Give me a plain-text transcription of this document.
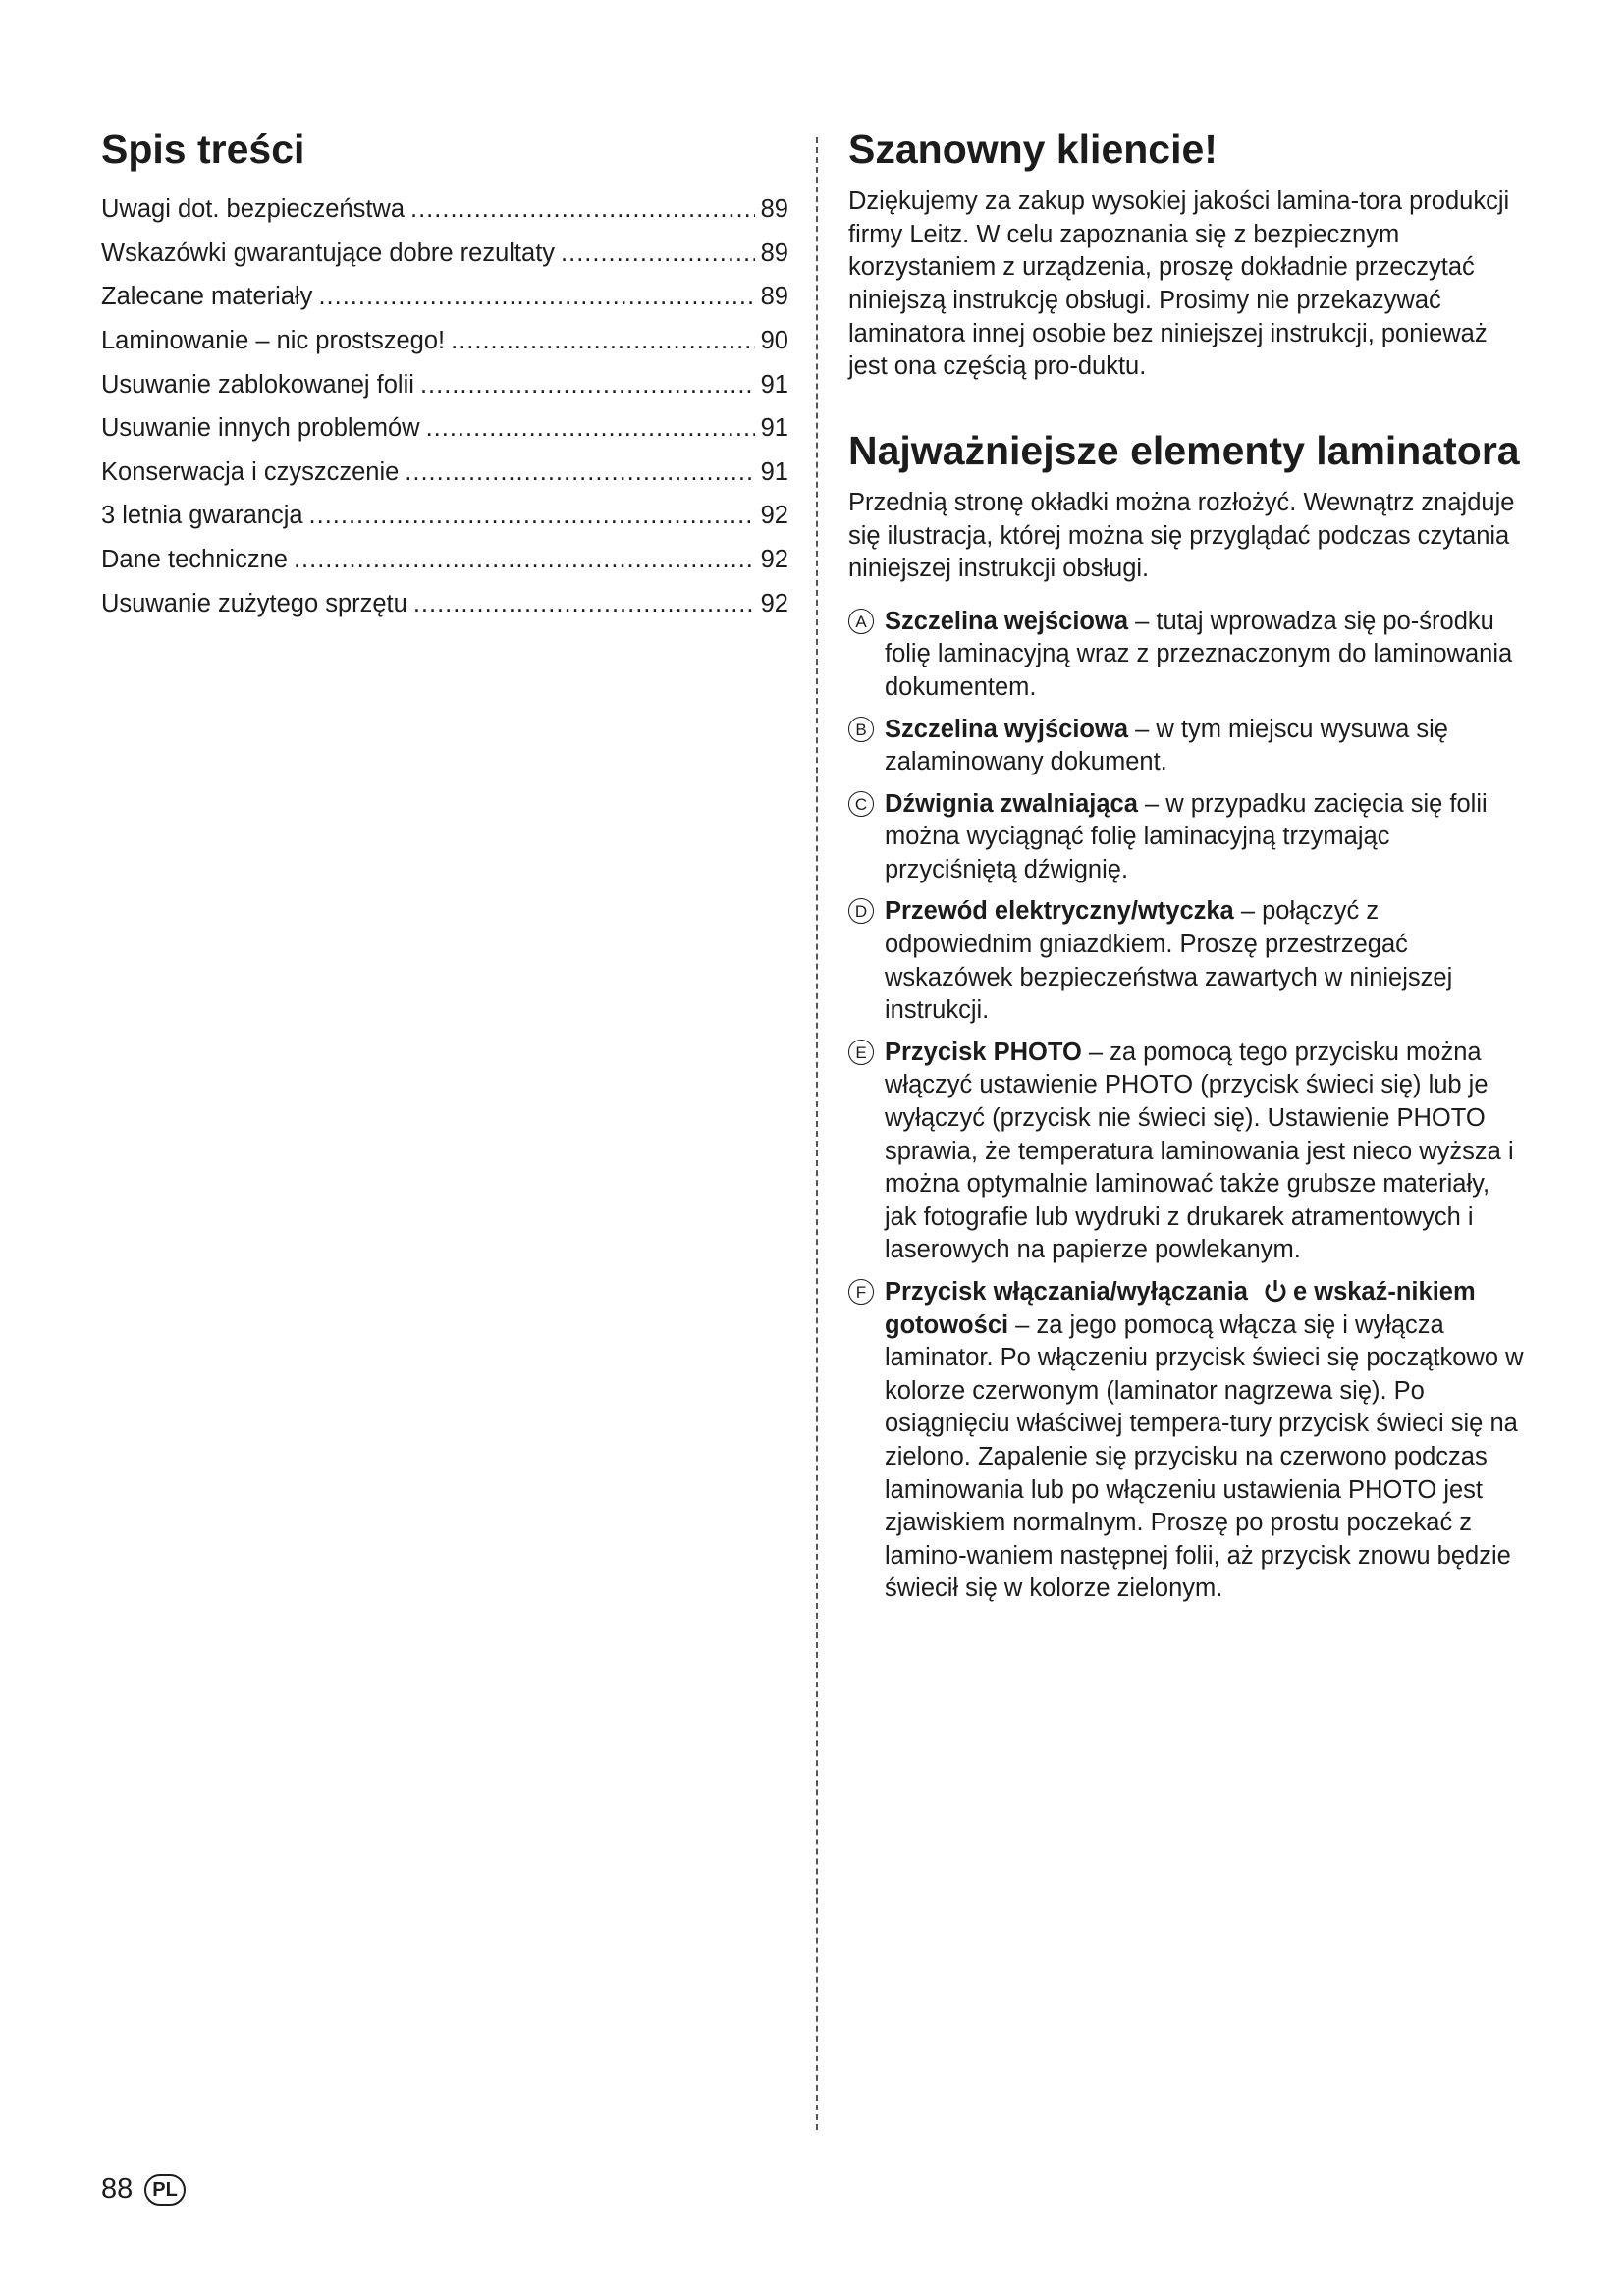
Spis treści
Uwagi dot. bezpieczeństwa .....	89
Wskazówki gwarantujące dobre rezultaty .....	89
Zalecane materiały .....	89
Laminowanie – nic prostszego! .....	90
Usuwanie zablokowanej folii .....	91
Usuwanie innych problemów .....	91
Konserwacja i czyszczenie .....	91
3 letnia gwarancja .....	92
Dane techniczne .....	92
Usuwanie zużytego sprzętu .....	92
Szanowny kliencie!

Dziękujemy za zakup wysokiej jakości lamina-tora produkcji firmy Leitz. W celu zapoznania się z bezpiecznym korzystaniem z urządzenia, proszę dokładnie przeczytać niniejszą instrukcję obsługi. Prosimy nie przekazywać laminatora innej osobie bez niniejszej instrukcji, ponieważ jest ona częścią pro-duktu.

Najważniejsze elementy laminatora

Przednią stronę okładki można rozłożyć. Wewnątrz znajduje się ilustracja, której można się przyglądać podczas czytania niniejszej instrukcji obsługi.

A Szczelina wejściowa – tutaj wprowadza się po-środku folię laminacyjną wraz z przeznaczonym do laminowania dokumentem.
B Szczelina wyjściowa – w tym miejscu wysuwa się zalaminowany dokument.
C Dźwignia zwalniająca – w przypadku zacięcia się folii można wyciągnąć folię laminacyjną trzymając przyciśniętą dźwignię.
D Przewód elektryczny/wtyczka – połączyć z odpowiednim gniazdkiem. Proszę przestrzegać wskazówek bezpieczeństwa zawartych w niniejszej instrukcji.
E Przycisk PHOTO – za pomocą tego przycisku można włączyć ustawienie PHOTO (przycisk świeci się) lub je wyłączyć (przycisk nie świeci się). Ustawienie PHOTO sprawia, że temperatura laminowania jest nieco wyższa i można optymalnie laminować także grubsze materiały, jak fotografie lub wydruki z drukarek atramentowych i laserowych na papierze powlekanym.
F Przycisk włączania/wyłączania e wskaź-nikiem gotowości – za jego pomocą włącza się i wyłącza laminator. Po włączeniu przycisk świeci się początkowo w kolorze czerwonym (laminator nagrzewa się). Po osiągnięciu właściwej tempera-tury przycisk świeci się na zielono. Zapalenie się przycisku na czerwono podczas laminowania lub po włączeniu ustawienia PHOTO jest zjawiskiem normalnym. Proszę po prostu poczekać z lamino-waniem następnej folii, aż przycisk znowu będzie świecił się w kolorze zielonym.
88	PL
